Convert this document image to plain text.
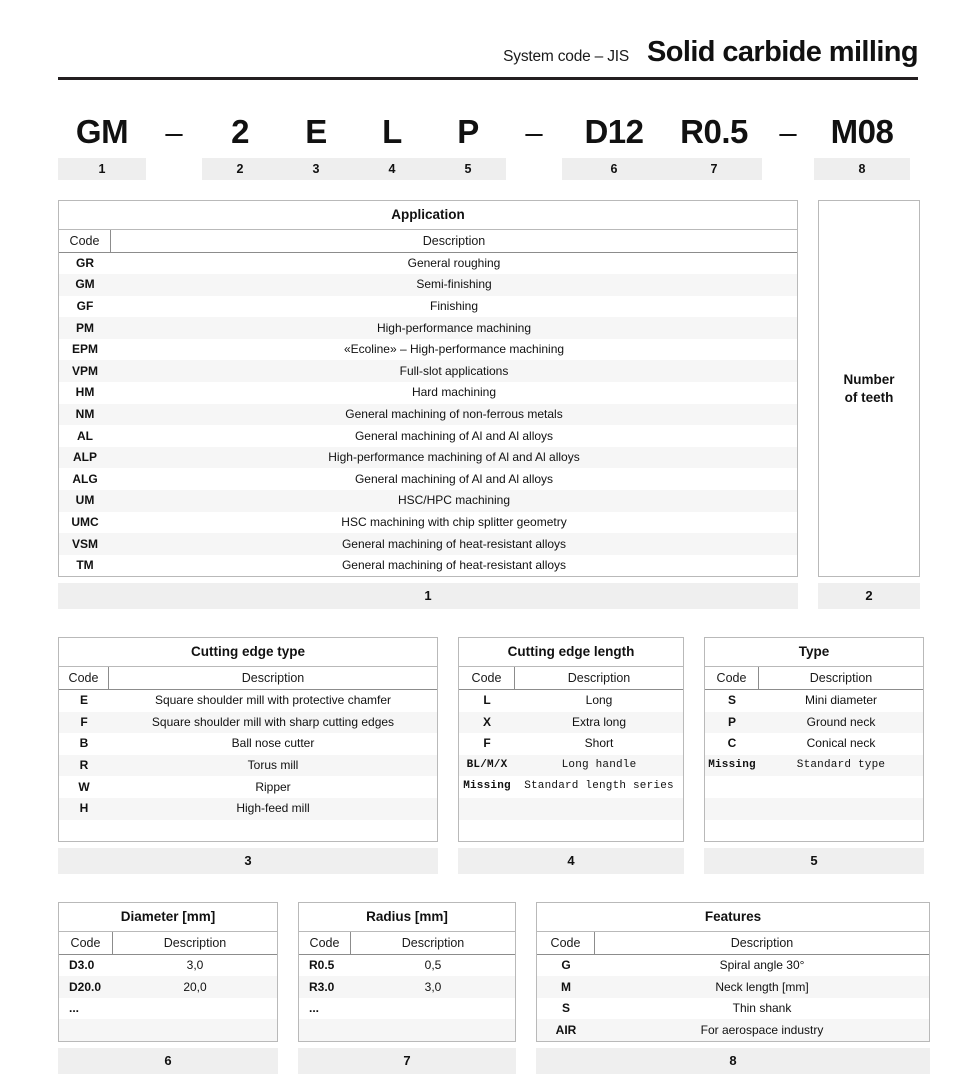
System code – JIS Solid carbide milling
GM	–	2	E	L	P	–	D12	R0.5	–	M08
1	2	3	4	5	6	7	8
Application
Code	Description
GR	General roughing
GM	Semi-finishing
GF	Finishing
PM	High-performance machining
EPM	«Ecoline» – High-performance machining
VPM	Full-slot applications
HM	Hard machining
NM	General machining of non-ferrous metals
AL	General machining of Al and Al alloys
ALP	High-performance machining of Al and Al alloys
ALG	General machining of Al and Al alloys
UM	HSC/HPC machining
UMC	HSC machining with chip splitter geometry
VSM	General machining of heat-resistant alloys
TM	General machining of heat-resistant alloys
1
Number
of teeth
2
Cutting edge type
Code	Description
E	Square shoulder mill with protective chamfer
F	Square shoulder mill with sharp cutting edges
B	Ball nose cutter
R	Torus mill
W	Ripper
H	High-feed mill
3
Cutting edge length
Code	Description
L	Long
X	Extra long
F	Short
BL/M/X	Long handle
Missing	Standard length series
4
Type
Code	Description
S	Mini diameter
P	Ground neck
C	Conical neck
Missing	Standard type
5
Diameter [mm]
Code	Description
D3.0	3,0
D20.0	20,0
...
6
Radius [mm]
Code	Description
R0.5	0,5
R3.0	3,0
...
7
Features
Code	Description
G	Spiral angle 30°
M	Neck length [mm]
S	Thin shank
AIR	For aerospace industry
8
